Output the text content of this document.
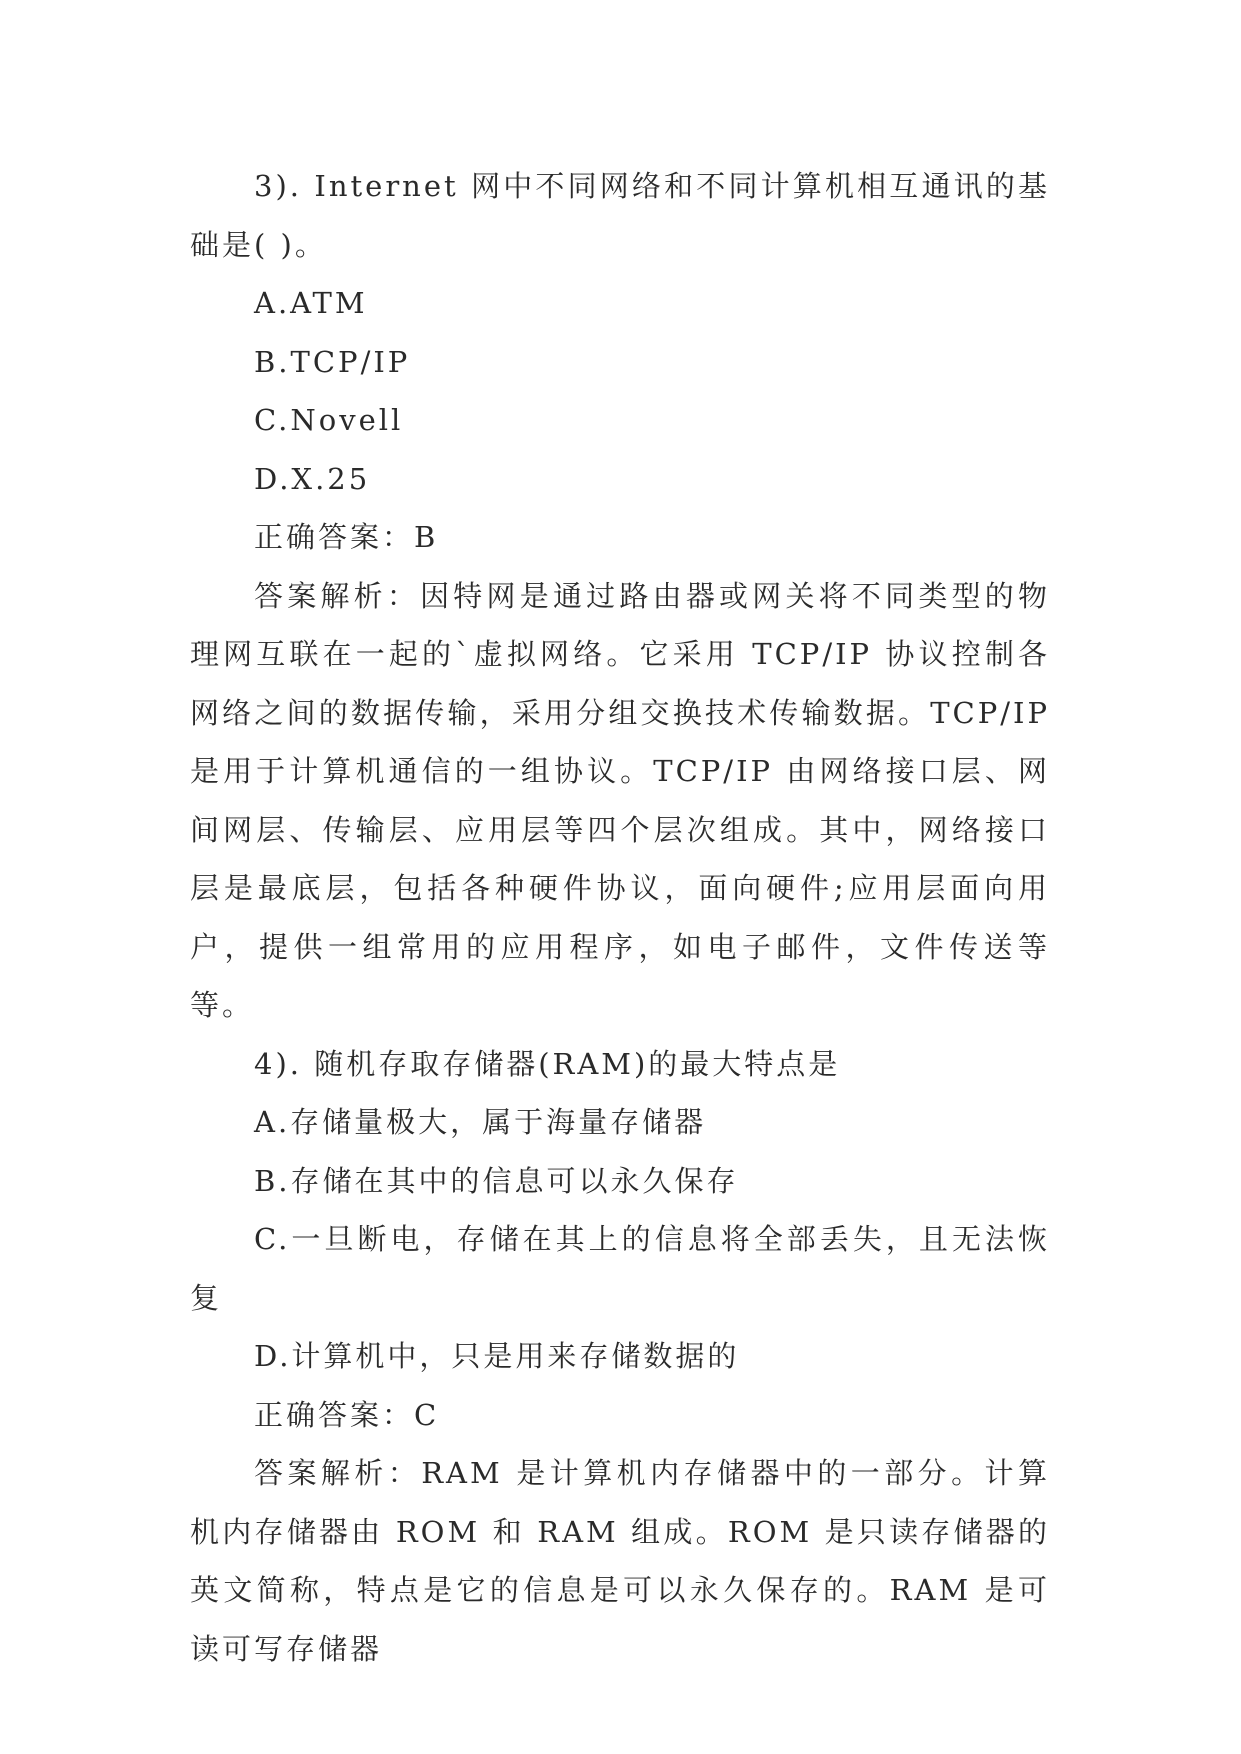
3). Internet 网中不同网络和不同计算机相互通讯的基础是( )。

A.ATM

B.TCP/IP

C.Novell

D.X.25

正确答案：B

答案解析：因特网是通过路由器或网关将不同类型的物理网互联在一起的`虚拟网络。它采用 TCP/IP 协议控制各网络之间的数据传输，采用分组交换技术传输数据。TCP/IP 是用于计算机通信的一组协议。TCP/IP 由网络接口层、网间网层、传输层、应用层等四个层次组成。其中，网络接口层是最底层，包括各种硬件协议，面向硬件;应用层面向用户，提供一组常用的应用程序，如电子邮件，文件传送等等。

4). 随机存取存储器(RAM)的最大特点是

A.存储量极大，属于海量存储器

B.存储在其中的信息可以永久保存

C.一旦断电，存储在其上的信息将全部丢失，且无法恢复

D.计算机中，只是用来存储数据的

正确答案：C

答案解析：RAM 是计算机内存储器中的一部分。计算机内存储器由 ROM 和 RAM 组成。ROM 是只读存储器的英文简称，特点是它的信息是可以永久保存的。RAM 是可读可写存储器
